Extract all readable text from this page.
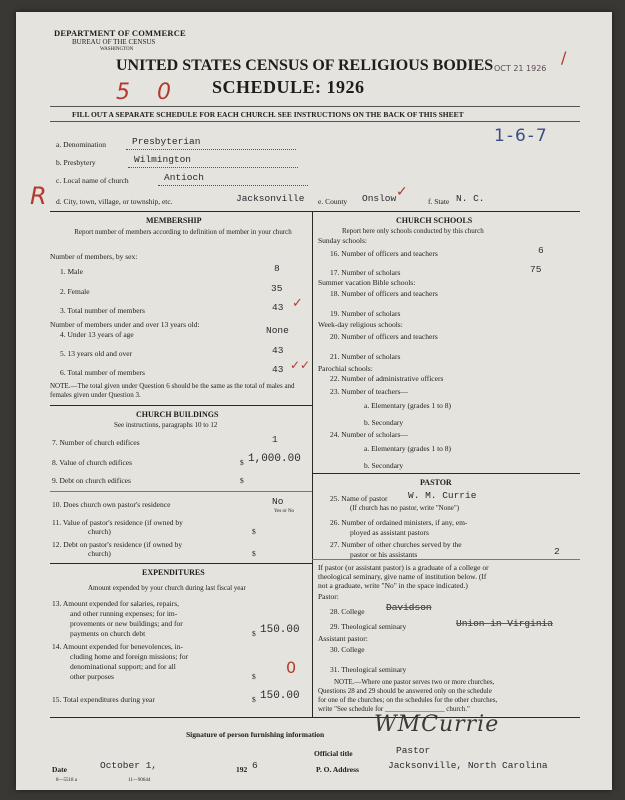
DEPARTMENT OF COMMERCE
BUREAU OF THE CENSUS
WASHINGTON
UNITED STATES CENSUS OF RELIGIOUS BODIES
SCHEDULE: 1926
OCT 21 1926
5 0
/
FILL OUT A SEPARATE SCHEDULE FOR EACH CHURCH. SEE INSTRUCTIONS ON THE BACK OF THIS SHEET
1-6-7
a. Denomination	Presbyterian
b. Presbytery	Wilmington
c. Local name of church	Antioch
R d. City, town, village, or township, etc.	Jacksonville e. County Onslow ✓
f. State N. C.
MEMBERSHIP
Report number of members according to definition of member in your church
Number of members, by sex:
1. Male	8
2. Female	35
3. Total number of members	43 ✓
Number of members under and over 13 years old:
4. Under 13 years of age	None
5. 13 years old and over	43
6. Total number of members	43 ✓✓
NOTE.—The total given under Question 6 should be the same as the total of males and females given under Question 3.
CHURCH BUILDINGS
See instructions, paragraphs 10 to 12
7. Number of church edifices	1
8. Value of church edifices	$ 1,000.00
9. Debt on church edifices	$
10. Does church own pastor's residence	No
Yes or No
11. Value of pastor's residence (if owned by
church)	$
12. Debt on pastor's residence (if owned by
church)	$
EXPENDITURES
Amount expended by your church during last fiscal year
13. Amount expended for salaries, repairs,
and other running expenses; for im-
provements or new buildings; and for
payments on church debt	$ 150.00
14. Amount expended for benevolences, in-
cluding home and foreign missions; for
denominational support; and for all
other purposes	$ 0
15. Total expenditures during year	$ 150.00
CHURCH SCHOOLS
Report here only schools conducted by this church
Sunday schools:
16. Number of officers and teachers	6
17. Number of scholars	75
Summer vacation Bible schools:
18. Number of officers and teachers
19. Number of scholars
Week-day religious schools:
20. Number of officers and teachers
21. Number of scholars
Parochial schools:
22. Number of administrative officers
23. Number of teachers—
a. Elementary (grades 1 to 8)
b. Secondary
24. Number of scholars—
a. Elementary (grades 1 to 8)
b. Secondary
PASTOR
25. Name of pastor W. M. Currie
(If church has no pastor, write "None")
26. Number of ordained ministers, if any, em-
ployed as assistant pastors
27. Number of other churches served by the
pastor or his assistants	2
If pastor (or assistant pastor) is a graduate of a college or
theological seminary, give name of institution below. (If
not a graduate, write "No" in the space indicated.)
Pastor:
28. College Davidson
29. Theological seminary	Union in Virginia
Assistant pastor:
30. College
31. Theological seminary
NOTE.—Where one pastor serves two or more churches,
Questions 28 and 29 should be answered only on the schedule
for one of the churches; on the schedules for the other churches,
write "See schedule for _________________ church."
Signature of person furnishing information WMCurrie
Official title	Pastor
Date	October 1,	192 6	P. O. Address	Jacksonville, North Carolina
8—5518 a	11—90644
